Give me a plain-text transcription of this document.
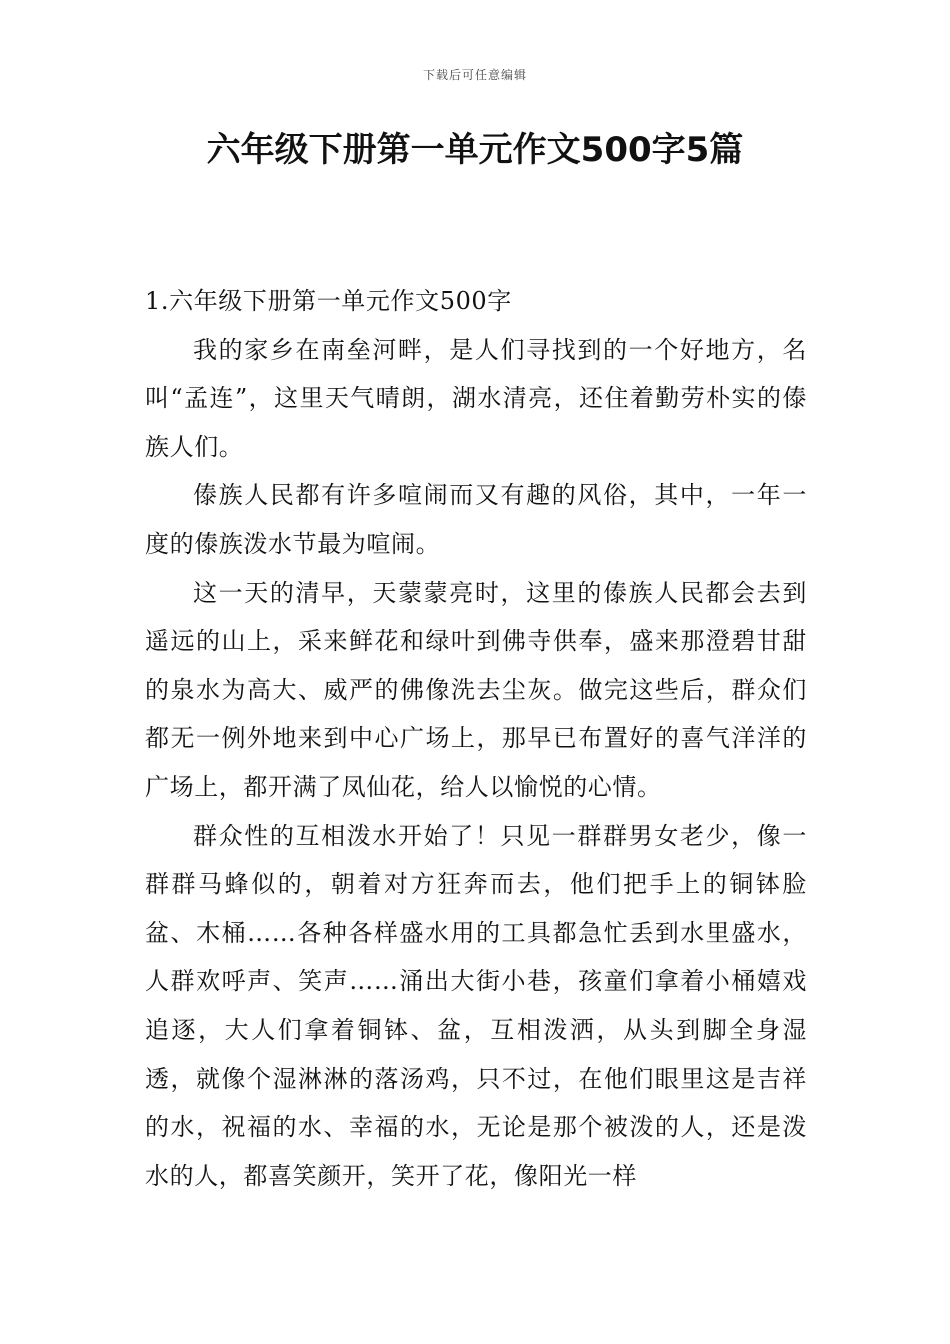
下载后可任意编辑
六年级下册第一单元作文500字5篇
1.六年级下册第一单元作文500字

我的家乡在南垒河畔，是人们寻找到的一个好地方，名叫“孟连”，这里天气晴朗，湖水清亮，还住着勤劳朴实的傣族人们。

傣族人民都有许多喧闹而又有趣的风俗，其中，一年一度的傣族泼水节最为喧闹。

这一天的清早，天蒙蒙亮时，这里的傣族人民都会去到遥远的山上，采来鲜花和绿叶到佛寺供奉，盛来那澄碧甘甜的泉水为高大、威严的佛像洗去尘灰。做完这些后，群众们都无一例外地来到中心广场上，那早已布置好的喜气洋洋的广场上，都开满了凤仙花，给人以愉悦的心情。

群众性的互相泼水开始了！只见一群群男女老少，像一群群马蜂似的，朝着对方狂奔而去，他们把手上的铜钵脸盆、木桶……各种各样盛水用的工具都急忙丢到水里盛水，人群欢呼声、笑声……涌出大街小巷，孩童们拿着小桶嬉戏追逐，大人们拿着铜钵、盆，互相泼洒，从头到脚全身湿透，就像个湿淋淋的落汤鸡，只不过，在他们眼里这是吉祥的水，祝福的水、幸福的水，无论是那个被泼的人，还是泼水的人，都喜笑颜开，笑开了花，像阳光一样
